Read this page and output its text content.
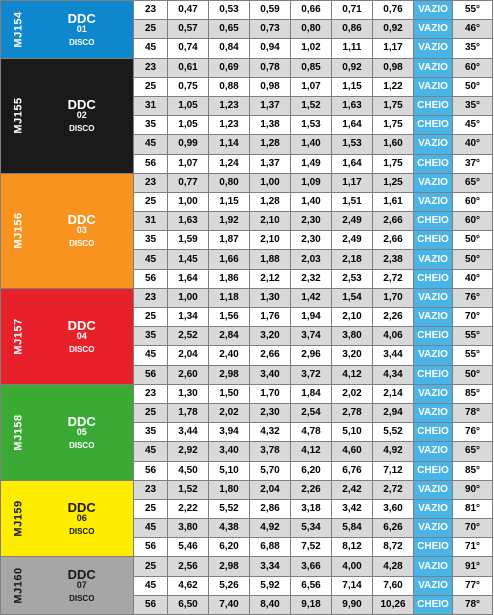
MJ154	DDC
01
DISCO	23	0,47	0,53	0,59	0,66	0,71	0,76	VAZIO	55°
		25	0,57	0,65	0,73	0,80	0,86	0,92	VAZIO	46°
		45	0,74	0,84	0,94	1,02	1,11	1,17	VAZIO	35°
MJ155	DDC
02
DISCO	23	0,61	0,69	0,78	0,85	0,92	0,98	VAZIO	60°
		25	0,75	0,88	0,98	1,07	1,15	1,22	VAZIO	50°
		31	1,05	1,23	1,37	1,52	1,63	1,75	CHEIO	35°
		35	1,05	1,23	1,38	1,53	1,64	1,75	CHEIO	45°
		45	0,99	1,14	1,28	1,40	1,53	1,60	VAZIO	40°
		56	1,07	1,24	1,37	1,49	1,64	1,75	CHEIO	37°
MJ156	DDC
03
DISCO	23	0,77	0,80	1,00	1,09	1,17	1,25	VAZIO	65°
		25	1,00	1,15	1,28	1,40	1,51	1,61	VAZIO	60°
		31	1,63	1,92	2,10	2,30	2,49	2,66	CHEIO	60°
		35	1,59	1,87	2,10	2,30	2,49	2,66	CHEIO	50°
		45	1,45	1,66	1,88	2,03	2,18	2,38	VAZIO	50°
		56	1,64	1,86	2,12	2,32	2,53	2,72	CHEIO	40°
MJ157	DDC
04
DISCO	23	1,00	1,18	1,30	1,42	1,54	1,70	VAZIO	76°
		25	1,34	1,56	1,76	1,94	2,10	2,26	VAZIO	70°
		35	2,52	2,84	3,20	3,74	3,80	4,06	CHEIO	55°
		45	2,04	2,40	2,66	2,96	3,20	3,44	VAZIO	55°
		56	2,60	2,98	3,40	3,72	4,12	4,34	CHEIO	50°
MJ158	DDC
05
DISCO	23	1,30	1,50	1,70	1,84	2,02	2,14	VAZIO	85°
		25	1,78	2,02	2,30	2,54	2,78	2,94	VAZIO	78°
		35	3,44	3,94	4,32	4,78	5,10	5,52	CHEIO	76°
		45	2,92	3,40	3,78	4,12	4,60	4,92	VAZIO	65°
		56	4,50	5,10	5,70	6,20	6,76	7,12	CHEIO	85°
MJ159	DDC
06
DISCO	23	1,52	1,80	2,04	2,26	2,42	2,72	VAZIO	90°
		25	2,22	5,52	2,86	3,18	3,42	3,60	VAZIO	81°
		45	3,80	4,38	4,92	5,34	5,84	6,26	VAZIO	70°
		56	5,46	6,20	6,88	7,52	8,12	8,72	CHEIO	71°
MJ160	DDC
07
DISCO	25	2,56	2,98	3,34	3,66	4,00	4,28	VAZIO	91°
		45	4,62	5,26	5,92	6,56	7,14	7,60	VAZIO	77°
		56	6,50	7,40	8,40	9,18	9,90	10,26	CHEIO	78°
